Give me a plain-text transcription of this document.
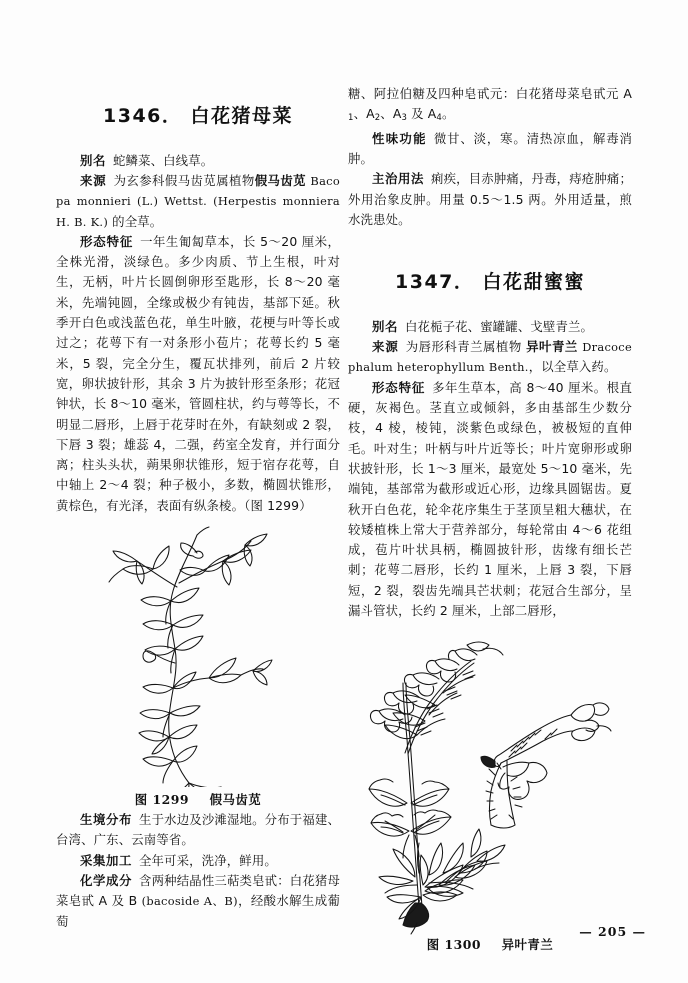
1346． 白花猪母菜

别名 蛇鳞菜、白线草。

来源 为玄参科假马齿苋属植物假马齿苋 Bacopa monnieri (L.) Wettst. (Herpestis monniera H. B. K.) 的全草。

形态特征 一年生匍匐草本，长 5～20 厘米，全株光滑，淡绿色。多少肉质、节上生根，叶对生，无柄，叶片长圆倒卵形至匙形，长 8～20 毫米，先端钝圆，全缘或极少有钝齿，基部下延。秋季开白色或浅蓝色花，单生叶腋，花梗与叶等长或过之；花萼下有一对条形小苞片；花萼长约 5 毫米，5 裂，完全分生，覆瓦状排列，前后 2 片较宽，卵状披针形，其余 3 片为披针形至条形；花冠钟状，长 8～10 毫米，管圆柱状，约与萼等长，不明显二唇形，上唇于花芽时在外，有缺刻或 2 裂，下唇 3 裂；雄蕊 4，二强，药室全发育，并行面分离；柱头头状，蒴果卵状锥形，短于宿存花萼，自中轴上 2～4 裂；种子极小，多数，椭圆状锥形，黄棕色，有光泽，表面有纵条棱。（图 1299）

图 1299 假马齿苋

生境分布 生于水边及沙滩湿地。分布于福建、台湾、广东、云南等省。

采集加工 全年可采，洗净，鲜用。

化学成分 含两种结晶性三萜类皂甙：白花猪母菜皂甙 A 及 B (bacoside A、B)，经酸水解生成葡萄

糖、阿拉伯糖及四种皂甙元：白花猪母菜皂甙元 $A_1$、$A_2$、$A_3$ 及 $A_4$。

性味功能 微甘、淡，寒。清热凉血，解毒消肿。

主治用法 痢疾，目赤肿痛，丹毒，痔疮肿痛；外用治象皮肿。用量 0.5～1.5 两。外用适量，煎水洗患处。

1347． 白花甜蜜蜜

别名 白花栀子花、蜜罐罐、戈壁青兰。

来源 为唇形科青兰属植物 异叶青兰 Dracocephalum heterophyllum Benth.，以全草入药。

形态特征 多年生草本，高 8～40 厘米。根直硬，灰褐色。茎直立或倾斜，多由基部生少数分枝，4 棱，棱钝，淡紫色或绿色，被极短的直伸毛。叶对生；叶柄与叶片近等长；叶片宽卵形或卵状披针形，长 1～3 厘米，最宽处 5～10 毫米，先端钝，基部常为截形或近心形，边缘具圆锯齿。夏秋开白色花，轮伞花序集生于茎顶呈粗大穗状，在较矮植株上常大于营养部分，每轮常由 4～6 花组成，苞片叶状具柄，椭圆披针形，齿缘有细长芒刺；花萼二唇形，长约 1 厘米，上唇 3 裂，下唇短，2 裂，裂齿先端具芒状刺；花冠合生部分，呈漏斗管状，长约 2 厘米，上部二唇形，

图 1300 异叶青兰

— 205 —
